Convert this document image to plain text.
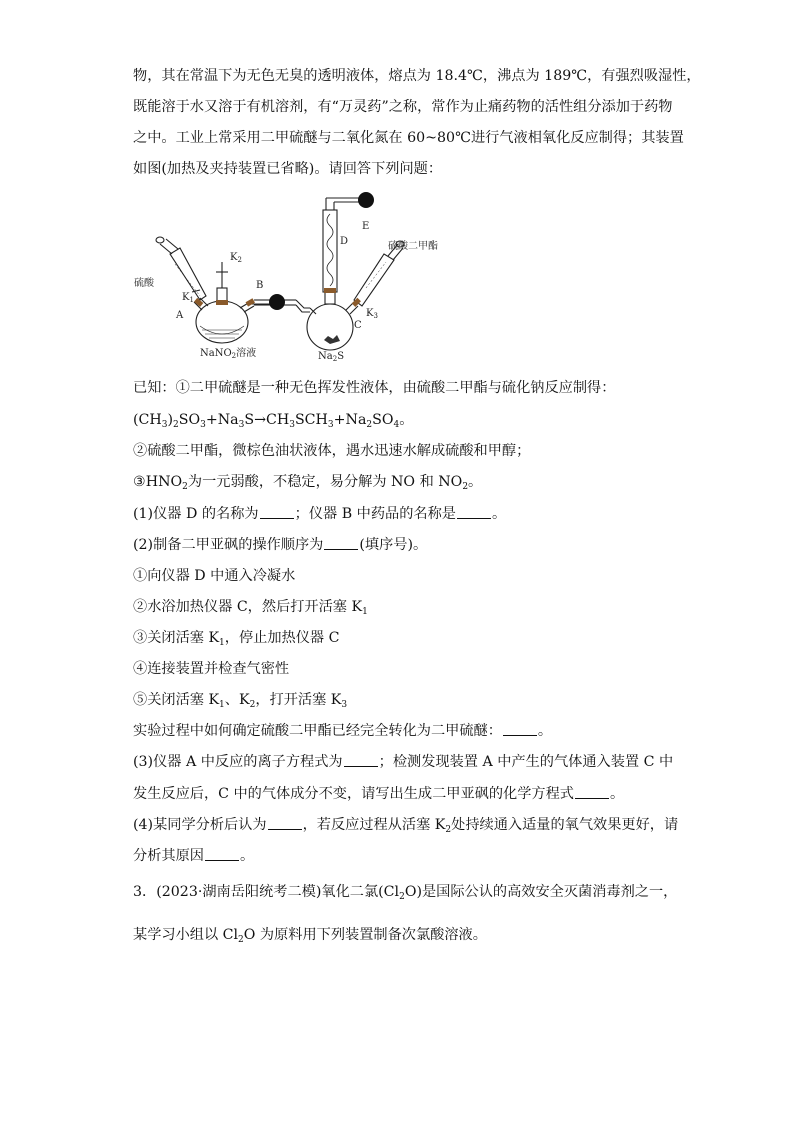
物，其在常温下为无色无臭的透明液体，熔点为 18.4℃，沸点为 189℃，有强烈吸湿性，
既能溶于水又溶于有机溶剂，有“万灵药”之称，常作为止痛药物的活性组分添加于药物
之中。工业上常采用二甲硫醚与二氧化氮在 60~80℃进行气液相氧化反应制得；其装置
如图(加热及夹持装置已省略)。请回答下列问题：
硫酸
$K_1$
A
$K_2$
NaNO$_2$溶液
B
D
E
硫酸二甲酯
$K_3$
C
$Na_2S$
已知：①二甲硫醚是一种无色挥发性液体，由硫酸二甲酯与硫化钠反应制得：
$(CH_3)_2SO_3+Na_3S\to CH_3SCH_3+Na_2SO_4$。
②硫酸二甲酯，微棕色油状液体，遇水迅速水解成硫酸和甲醇；
$③HNO_2$为一元弱酸，不稳定，易分解为 NO 和 $NO_2$。
(1)仪器 D 的名称为	；仪器 B 中药品的名称是	。
(2)制备二甲亚砜的操作顺序为	(填序号)。
①向仪器 D 中通入冷凝水
②水浴加热仪器 C，然后打开活塞 $K_1$
③关闭活塞 $K_1$，停止加热仪器 C
④连接装置并检查气密性
⑤关闭活塞 $K_1$、$K_2$，打开活塞 $K_3$
实验过程中如何确定硫酸二甲酯已经完全转化为二甲硫醚：	。
(3)仪器 A 中反应的离子方程式为	；检测发现装置 A 中产生的气体通入装置 C 中
发生反应后，C 中的气体成分不变，请写出生成二甲亚砜的化学方程式	。
(4)某同学分析后认为	，若反应过程从活塞 $K_2$处持续通入适量的氧气效果更好，请
分析其原因	。
3．(2023·湖南岳阳统考二模)氧化二氯$(Cl_2O)$是国际公认的高效安全灭菌消毒剂之一，
某学习小组以 $Cl_2O$ 为原料用下列装置制备次氯酸溶液。
